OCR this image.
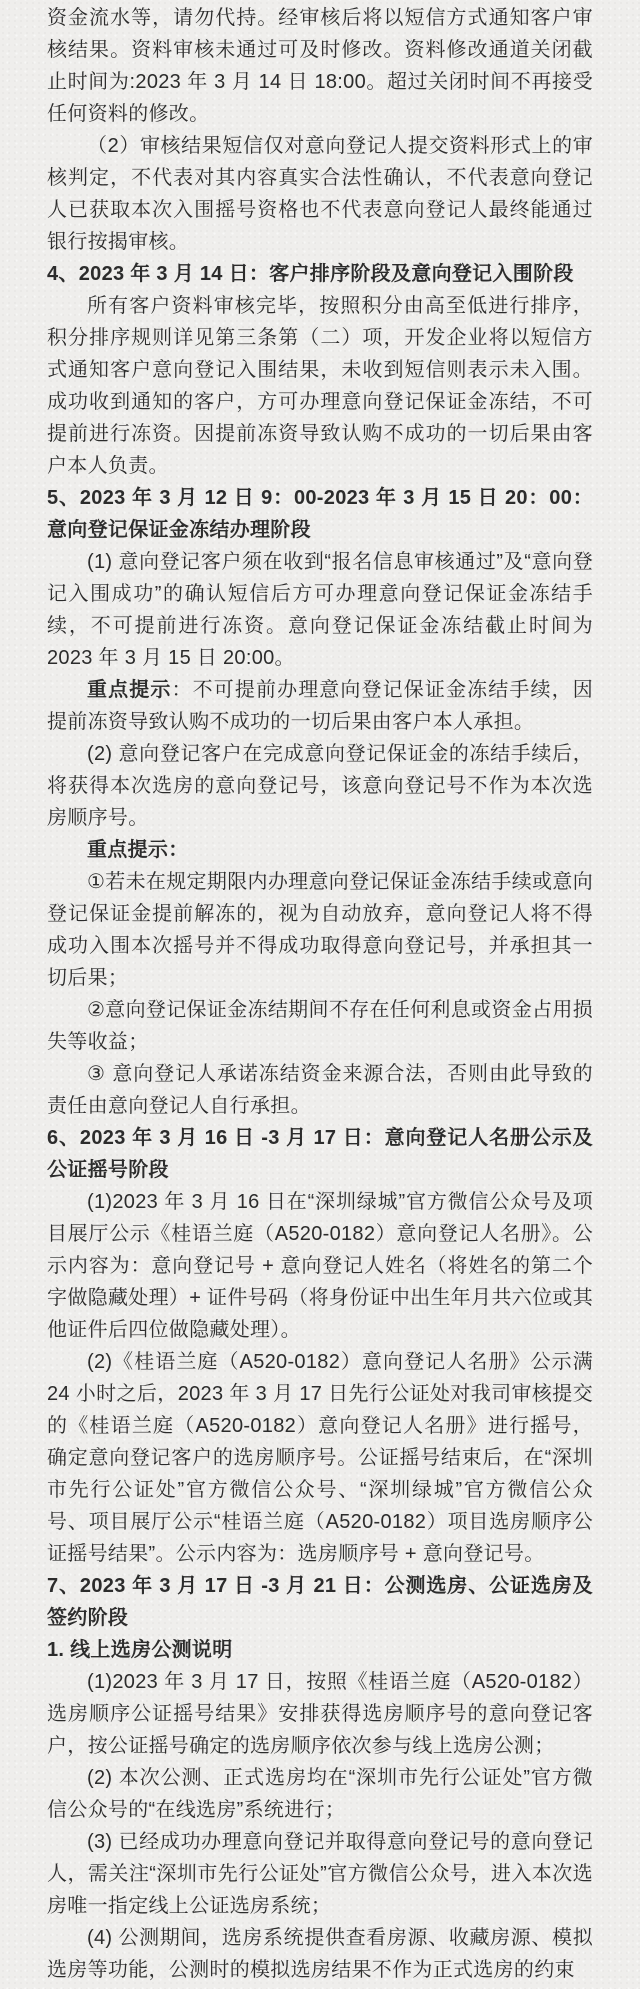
资金流水等，请勿代持。经审核后将以短信方式通知客户审核结果。资料审核未通过可及时修改。资料修改通道关闭截止时间为:2023 年 3 月 14 日 18:00。超过关闭时间不再接受任何资料的修改。

（2）审核结果短信仅对意向登记人提交资料形式上的审核判定，不代表对其内容真实合法性确认，不代表意向登记人已获取本次入围摇号资格也不代表意向登记人最终能通过银行按揭审核。

4、2023 年 3 月 14 日：客户排序阶段及意向登记入围阶段

所有客户资料审核完毕，按照积分由高至低进行排序，积分排序规则详见第三条第（二）项，开发企业将以短信方式通知客户意向登记入围结果，未收到短信则表示未入围。成功收到通知的客户，方可办理意向登记保证金冻结，不可提前进行冻资。因提前冻资导致认购不成功的一切后果由客户本人负责。

5、2023 年 3 月 12 日 9：00-2023 年 3 月 15 日 20：00：意向登记保证金冻结办理阶段

(1) 意向登记客户须在收到“报名信息审核通过”及“意向登记入围成功”的确认短信后方可办理意向登记保证金冻结手续，不可提前进行冻资。意向登记保证金冻结截止时间为 2023 年 3 月 15 日 20:00。

重点提示：不可提前办理意向登记保证金冻结手续，因提前冻资导致认购不成功的一切后果由客户本人承担。

(2) 意向登记客户在完成意向登记保证金的冻结手续后，将获得本次选房的意向登记号，该意向登记号不作为本次选房顺序号。

重点提示：

①若未在规定期限内办理意向登记保证金冻结手续或意向登记保证金提前解冻的，视为自动放弃，意向登记人将不得成功入围本次摇号并不得成功取得意向登记号，并承担其一切后果；

②意向登记保证金冻结期间不存在任何利息或资金占用损失等收益；

③ 意向登记人承诺冻结资金来源合法，否则由此导致的责任由意向登记人自行承担。

6、2023 年 3 月 16 日 -3 月 17 日：意向登记人名册公示及公证摇号阶段

(1)2023 年 3 月 16 日在“深圳绿城”官方微信公众号及项目展厅公示《桂语兰庭（A520-0182）意向登记人名册》。公示内容为：意向登记号 + 意向登记人姓名（将姓名的第二个字做隐藏处理）+ 证件号码（将身份证中出生年月共六位或其他证件后四位做隐藏处理）。

(2)《桂语兰庭（A520-0182）意向登记人名册》公示满 24 小时之后，2023 年 3 月 17 日先行公证处对我司审核提交的《桂语兰庭（A520-0182）意向登记人名册》进行摇号，确定意向登记客户的选房顺序号。公证摇号结束后，在“深圳市先行公证处”官方微信公众号、“深圳绿城”官方微信公众号、项目展厅公示“桂语兰庭（A520-0182）项目选房顺序公证摇号结果”。公示内容为：选房顺序号 + 意向登记号。

7、2023 年 3 月 17 日 -3 月 21 日：公测选房、公证选房及签约阶段

1. 线上选房公测说明

(1)2023 年 3 月 17 日，按照《桂语兰庭（A520-0182）选房顺序公证摇号结果》安排获得选房顺序号的意向登记客户，按公证摇号确定的选房顺序依次参与线上选房公测；

(2) 本次公测、正式选房均在“深圳市先行公证处”官方微信公众号的“在线选房”系统进行；

(3) 已经成功办理意向登记并取得意向登记号的意向登记人，需关注“深圳市先行公证处”官方微信公众号，进入本次选房唯一指定线上公证选房系统；

(4) 公测期间，选房系统提供查看房源、收藏房源、模拟选房等功能，公测时的模拟选房结果不作为正式选房的约束
